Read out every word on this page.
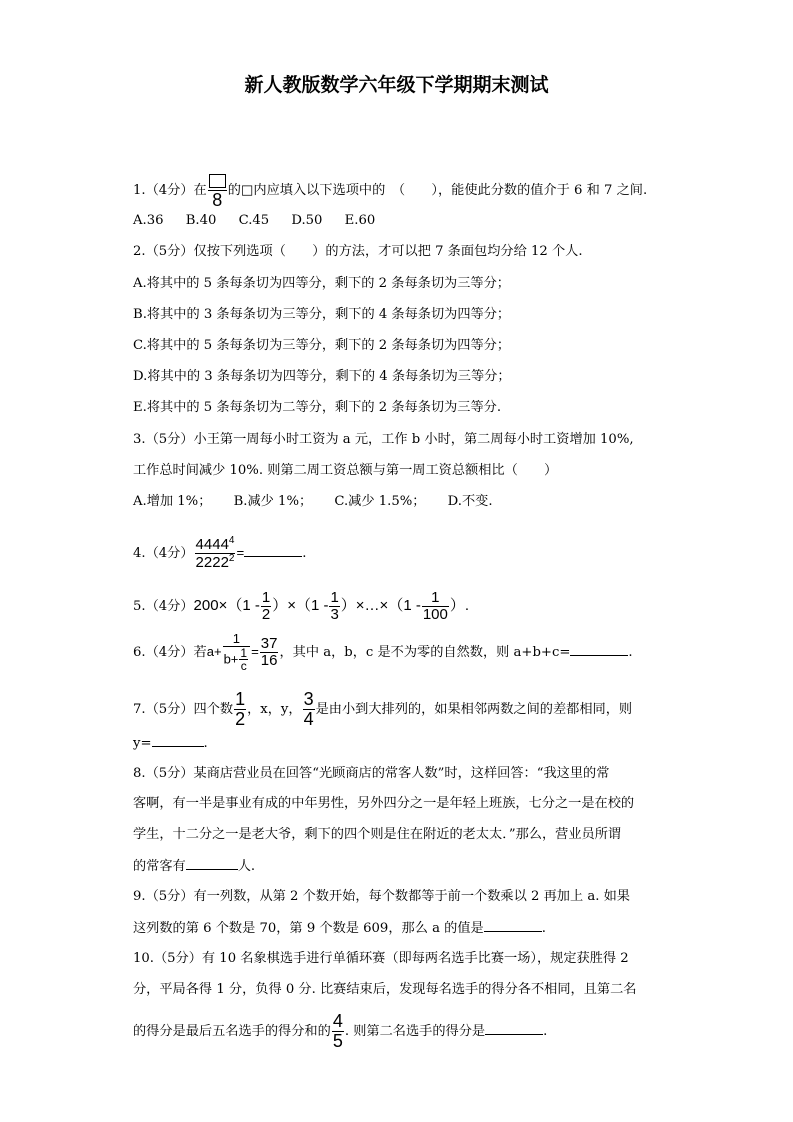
新人教版数学六年级下学期期末测试
1.（4分）在 8 的□内应填入以下选项中的　（　　），能使此分数的值介于 6 和 7 之间.
A.36 B.40 C.45 D.50 E.60
2.（5分）仅按下列选项（　　）的方法，才可以把 7 条面包均分给 12 个人.
A.将其中的 5 条每条切为四等分，剩下的 2 条每条切为三等分；
B.将其中的 3 条每条切为三等分，剩下的 4 条每条切为四等分；
C.将其中的 5 条每条切为三等分，剩下的 2 条每条切为四等分；
D.将其中的 3 条每条切为四等分，剩下的 4 条每条切为三等分；
E.将其中的 5 条每条切为二等分，剩下的 2 条每条切为三等分.
3.（5分）小王第一周每小时工资为 a 元，工作 b 小时，第二周每小时工资增加 10%,
工作总时间减少 10%. 则第二周工资总额与第一周工资总额相比（　　）
A.增加 1%； B.减少 1%； C.减少 1.5%； D.不变.
4.（4分） $\frac{4444^4}{2222^2}$ =	.
5.（4分）$200\times(1 - \frac{1}{2} )\times(1 - \frac{1}{3}$ ）×…×（1 - $\frac{1}{100}$ ）.
6.（4分）若$a+ \frac{1}{b+ \frac{1}{c}} = \frac{37}{16}$ ，其中 a，b，c 是不为零的自然数，则 a+b+c=	.
7.（5分）四个数 $\frac{1}{2}$ ，x，y， $\frac{3}{4}$ 是由小到大排列的，如果相邻两数之间的差都相同，则
y=	.
8.（5分）某商店营业员在回答“光顾商店的常客人数”时，这样回答：“我这里的常
客啊，有一半是事业有成的中年男性，另外四分之一是年轻上班族，七分之一是在校的
学生，十二分之一是老大爷，剩下的四个则是住在附近的老太太．”那么，营业员所谓
的常客有	人.
9.（5分）有一列数，从第 2 个数开始，每个数都等于前一个数乘以 2 再加上 a. 如果
这列数的第 6 个数是 70，第 9 个数是 609，那么 a 的值是	.
10.（5分）有 10 名象棋选手进行单循环赛（即每两名选手比赛一场），规定获胜得 2
分，平局各得 1 分，负得 0 分. 比赛结束后，发现每名选手的得分各不相同，且第二名
的得分是最后五名选手的得分和的 $\frac{4}{5}$ . 则第二名选手的得分是	.
